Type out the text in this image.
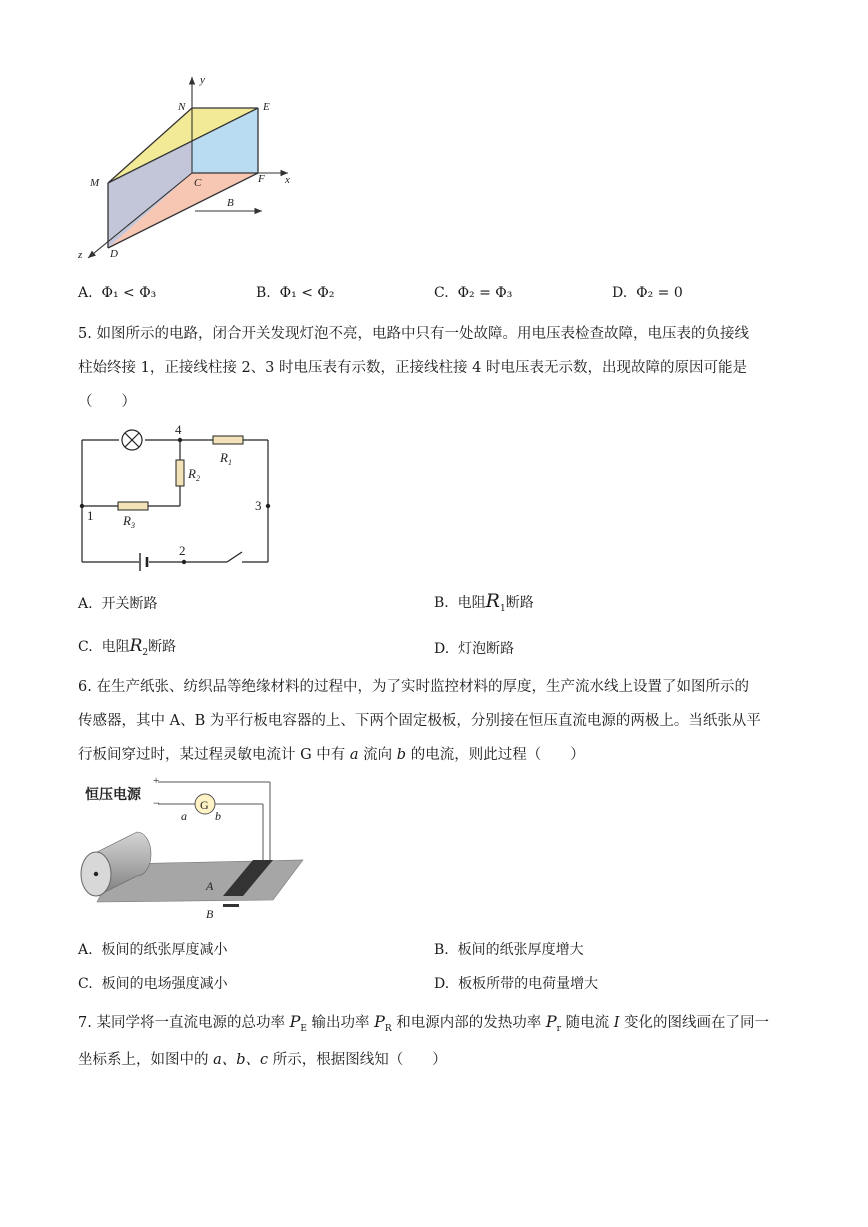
y
x
z
N	E
M	C	F
D
B
A. Φ₁ < Φ₃	B. Φ₁ < Φ₂	C. Φ₂ = Φ₃	D. Φ₂ = 0
5. 如图所示的电路，闭合开关发现灯泡不亮，电路中只有一处故障。用电压表检查故障，电压表的负接线
柱始终接 1，正接线柱接 2、3 时电压表有示数，正接线柱接 4 时电压表无示数，出现故障的原因可能是
（　　）
4
1
3
2
$R_1$
$R_2$
$R_3$
A. 开关断路	B. 电阻$R_1$断路
C. 电阻$R_2$断路	D. 灯泡断路
6. 在生产纸张、纺织品等绝缘材料的过程中，为了实时监控材料的厚度，生产流水线上设置了如图所示的
传感器，其中 A、B 为平行板电容器的上、下两个固定极板，分别接在恒压直流电源的两极上。当纸张从平
行板间穿过时，某过程灵敏电流计 G 中有 a 流向 b 的电流，则此过程（　　）
G
恒压电源
+
−
a b
A
B
A. 板间的纸张厚度减小	B. 板间的纸张厚度增大
C. 板间的电场强度减小	D. 板板所带的电荷量增大
7. 某同学将一直流电源的总功率 $P_E$ 输出功率 $P_R$ 和电源内部的发热功率 $P_r$ 随电流 I 变化的图线画在了同一
坐标系上，如图中的 a、b、c 所示，根据图线知（　　）
